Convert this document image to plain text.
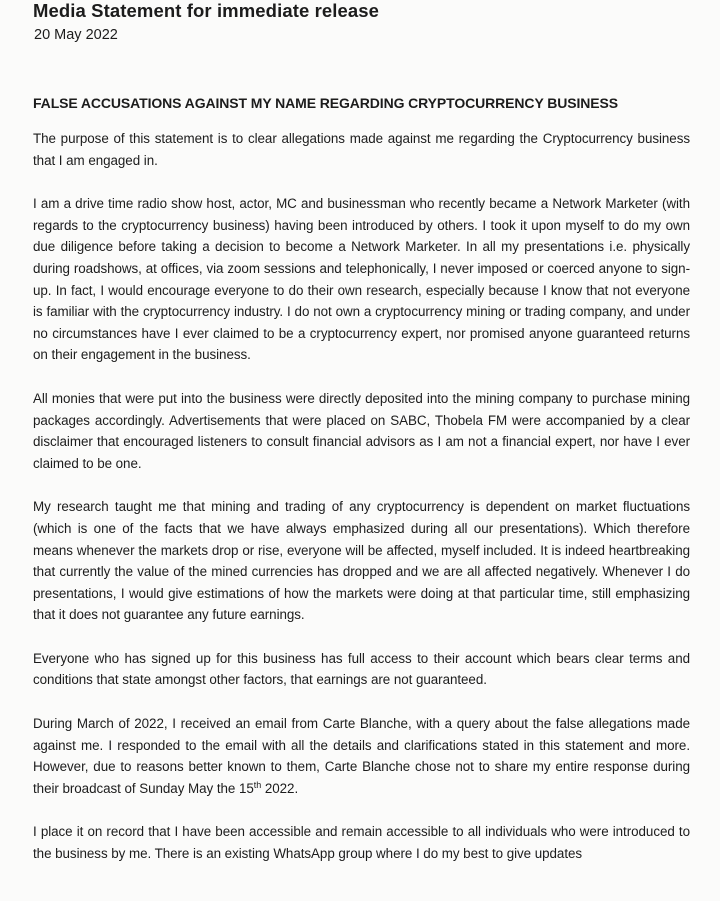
Media Statement for immediate release
20 May 2022
FALSE ACCUSATIONS AGAINST MY NAME REGARDING CRYPTOCURRENCY BUSINESS

The purpose of this statement is to clear allegations made against me regarding the Cryptocurrency business that I am engaged in.

I am a drive time radio show host, actor, MC and businessman who recently became a Network Marketer (with regards to the cryptocurrency business) having been introduced by others. I took it upon myself to do my own due diligence before taking a decision to become a Network Marketer. In all my presentations i.e. physically during roadshows, at offices, via zoom sessions and telephonically, I never imposed or coerced anyone to sign-up. In fact, I would encourage everyone to do their own research, especially because I know that not everyone is familiar with the cryptocurrency industry. I do not own a cryptocurrency mining or trading company, and under no circumstances have I ever claimed to be a cryptocurrency expert, nor promised anyone guaranteed returns on their engagement in the business.

All monies that were put into the business were directly deposited into the mining company to purchase mining packages accordingly. Advertisements that were placed on SABC, Thobela FM were accompanied by a clear disclaimer that encouraged listeners to consult financial advisors as I am not a financial expert, nor have I ever claimed to be one.

My research taught me that mining and trading of any cryptocurrency is dependent on market fluctuations (which is one of the facts that we have always emphasized during all our presentations). Which therefore means whenever the markets drop or rise, everyone will be affected, myself included. It is indeed heartbreaking that currently the value of the mined currencies has dropped and we are all affected negatively. Whenever I do presentations, I would give estimations of how the markets were doing at that particular time, still emphasizing that it does not guarantee any future earnings.

Everyone who has signed up for this business has full access to their account which bears clear terms and conditions that state amongst other factors, that earnings are not guaranteed.

During March of 2022, I received an email from Carte Blanche, with a query about the false allegations made against me. I responded to the email with all the details and clarifications stated in this statement and more. However, due to reasons better known to them, Carte Blanche chose not to share my entire response during their broadcast of Sunday May the 15th 2022.

I place it on record that I have been accessible and remain accessible to all individuals who were introduced to the business by me. There is an existing WhatsApp group where I do my best to give updates
